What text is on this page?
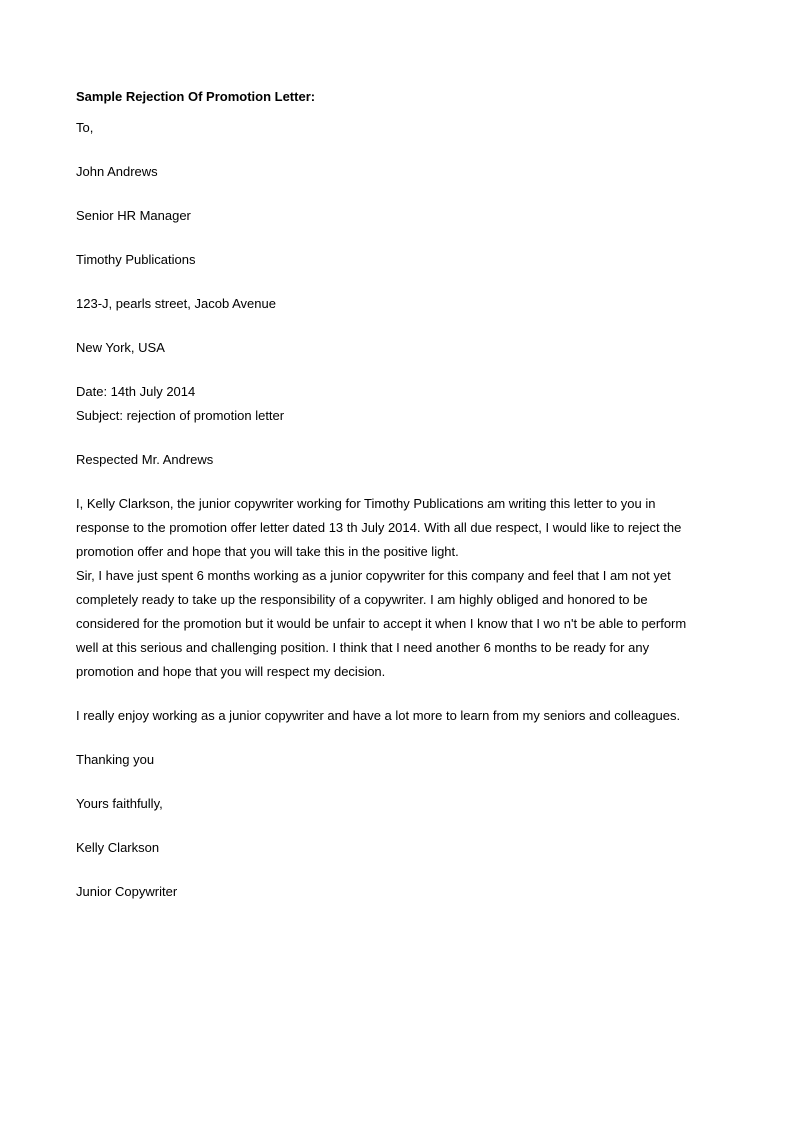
Sample Rejection Of Promotion Letter:
To,
John Andrews
Senior HR Manager
Timothy Publications
123-J, pearls street, Jacob Avenue
New York, USA
Date: 14th July 2014
Subject: rejection of promotion letter
Respected Mr. Andrews
I, Kelly Clarkson, the junior copywriter working for Timothy Publications am writing this letter to you in
response to the promotion offer letter dated 13 th July 2014. With all due respect, I would like to reject the
promotion offer and hope that you will take this in the positive light.
Sir, I have just spent 6 months working as a junior copywriter for this company and feel that I am not yet
completely ready to take up the responsibility of a copywriter. I am highly obliged and honored to be
considered for the promotion but it would be unfair to accept it when I know that I wo n't be able to perform
well at this serious and challenging position. I think that I need another 6 months to be ready for any
promotion and hope that you will respect my decision.
I really enjoy working as a junior copywriter and have a lot more to learn from my seniors and colleagues.
Thanking you
Yours faithfully,
Kelly Clarkson
Junior Copywriter
